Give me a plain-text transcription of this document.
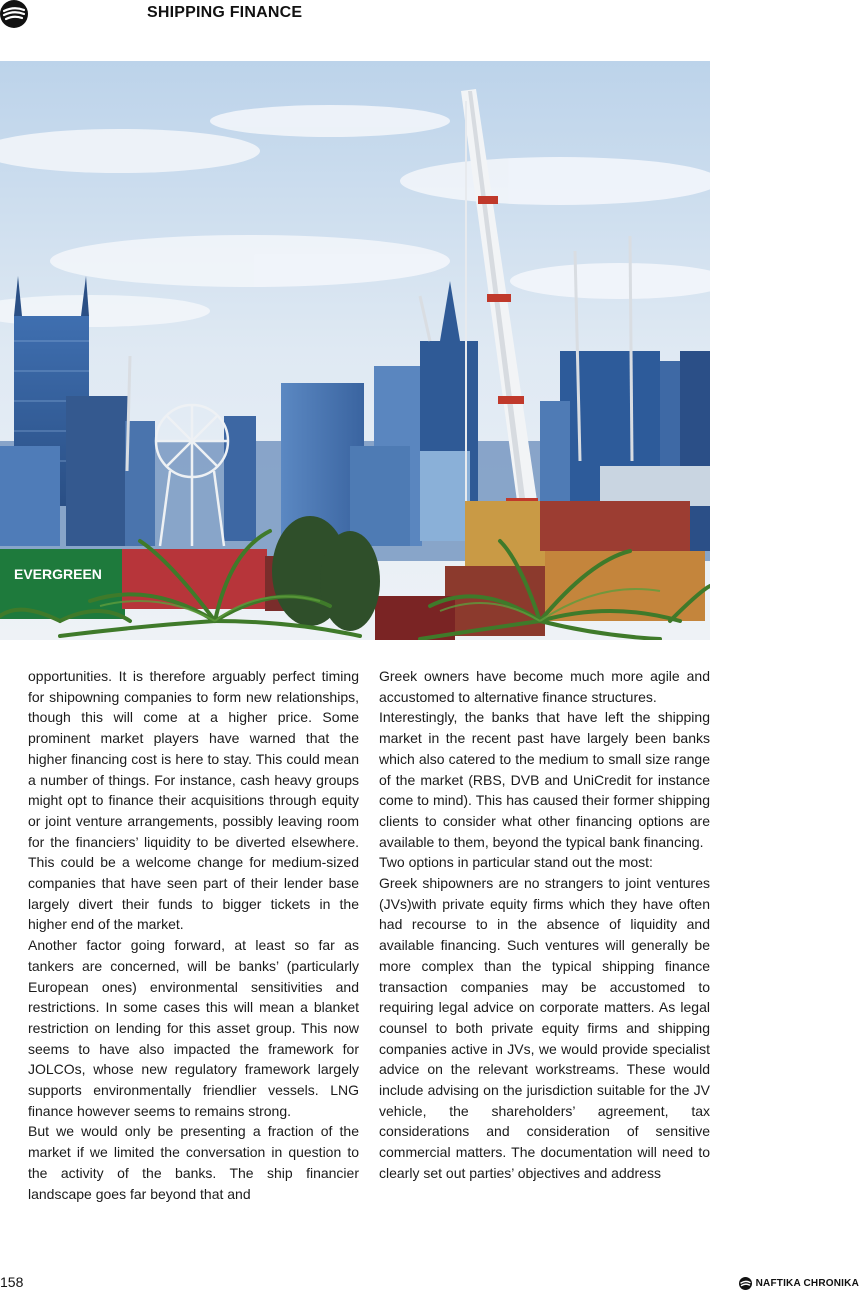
SHIPPING FINANCE
EVERGREEN

opportunities. It is therefore arguably perfect timing for shipowning companies to form new relationships, though this will come at a higher price. Some prominent market players have warned that the higher financing cost is here to stay. This could mean a number of things. For instance, cash heavy groups might opt to finance their acquisitions through equity or joint venture arrangements, possibly leaving room for the financiers’ liquidity to be diverted elsewhere. This could be a welcome change for medium-sized companies that have seen part of their lender base largely divert their funds to bigger tickets in the higher end of the market.

Another factor going forward, at least so far as tankers are concerned, will be banks’ (particularly European ones) environmental sensitivities and restrictions. In some cases this will mean a blanket restriction on lending for this asset group. This now seems to have also impacted the framework for JOLCOs, whose new regulatory framework largely supports environmentally friendlier vessels. LNG finance however seems to remains strong.

But we would only be presenting a fraction of the market if we limited the conversation in question to the activity of the banks. The ship financier landscape goes far beyond that and

Greek owners have become much more agile and accustomed to alternative finance structures.

Interestingly, the banks that have left the shipping market in the recent past have largely been banks which also catered to the medium to small size range of the market (RBS, DVB and UniCredit for instance come to mind). This has caused their former shipping clients to consider what other financing options are available to them, beyond the typical bank financing.

Two options in particular stand out the most:

Greek shipowners are no strangers to joint ventures (JVs)with private equity firms which they have often had recourse to in the absence of liquidity and available financing. Such ventures will generally be more complex than the typical shipping finance transaction companies may be accustomed to requiring legal advice on corporate matters. As legal counsel to both private equity firms and shipping companies active in JVs, we would provide specialist advice on the relevant workstreams. These would include advising on the jurisdiction suitable for the JV vehicle, the shareholders’ agreement, tax considerations and consideration of sensitive commercial matters. The documentation will need to clearly set out parties’ objectives and address

158	NAFTIKA CHRONIKA
